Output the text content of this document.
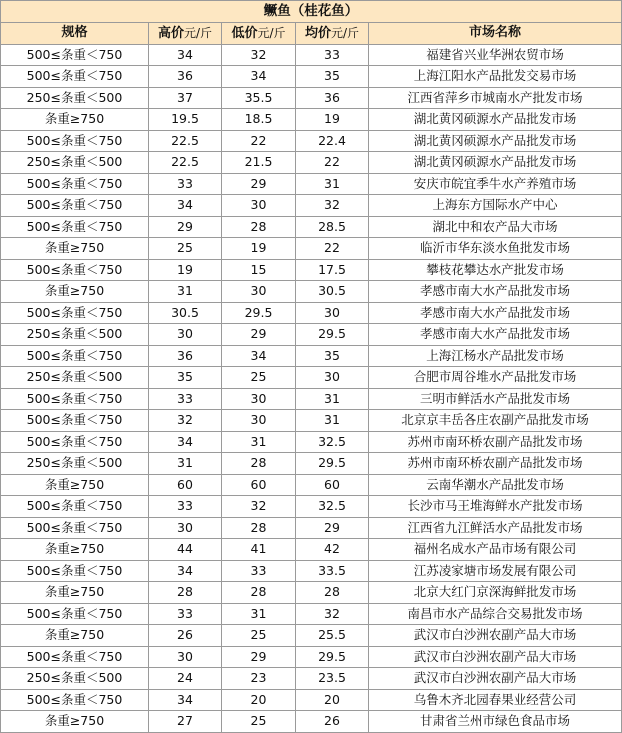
鳜鱼（桂花鱼）				
规格	高价元/斤	低价元/斤	均价元/斤	市场名称
500≤条重＜750	34	32	33	福建省兴业华洲农贸市场
500≤条重＜750	36	34	35	上海江阳水产品批发交易市场
250≤条重＜500	37	35.5	36	江西省萍乡市城南水产批发市场
条重≥750	19.5	18.5	19	湖北黄冈硕源水产品批发市场
500≤条重＜750	22.5	22	22.4	湖北黄冈硕源水产品批发市场
250≤条重＜500	22.5	21.5	22	湖北黄冈硕源水产品批发市场
500≤条重＜750	33	29	31	安庆市皖宜季牛水产养殖市场
500≤条重＜750	34	30	32	上海东方国际水产中心
500≤条重＜750	29	28	28.5	湖北中和农产品大市场
条重≥750	25	19	22	临沂市华东淡水鱼批发市场
500≤条重＜750	19	15	17.5	攀枝花攀达水产批发市场
条重≥750	31	30	30.5	孝感市南大水产品批发市场
500≤条重＜750	30.5	29.5	30	孝感市南大水产品批发市场
250≤条重＜500	30	29	29.5	孝感市南大水产品批发市场
500≤条重＜750	36	34	35	上海江杨水产品批发市场
250≤条重＜500	35	25	30	合肥市周谷堆水产品批发市场
500≤条重＜750	33	30	31	三明市鲜活水产品批发市场
500≤条重＜750	32	30	31	北京京丰岳各庄农副产品批发市场
500≤条重＜750	34	31	32.5	苏州市南环桥农副产品批发市场
250≤条重＜500	31	28	29.5	苏州市南环桥农副产品批发市场
条重≥750	60	60	60	云南华潮水产品批发市场
500≤条重＜750	33	32	32.5	长沙市马王堆海鲜水产批发市场
500≤条重＜750	30	28	29	江西省九江鲜活水产品批发市场
条重≥750	44	41	42	福州名成水产品市场有限公司
500≤条重＜750	34	33	33.5	江苏凌家塘市场发展有限公司
条重≥750	28	28	28	北京大红门京深海鲜批发市场
500≤条重＜750	33	31	32	南昌市水产品综合交易批发市场
条重≥750	26	25	25.5	武汉市白沙洲农副产品大市场
500≤条重＜750	30	29	29.5	武汉市白沙洲农副产品大市场
250≤条重＜500	24	23	23.5	武汉市白沙洲农副产品大市场
500≤条重＜750	34	20	20	乌鲁木齐北园春果业经营公司
条重≥750	27	25	26	甘肃省兰州市绿色食品市场
